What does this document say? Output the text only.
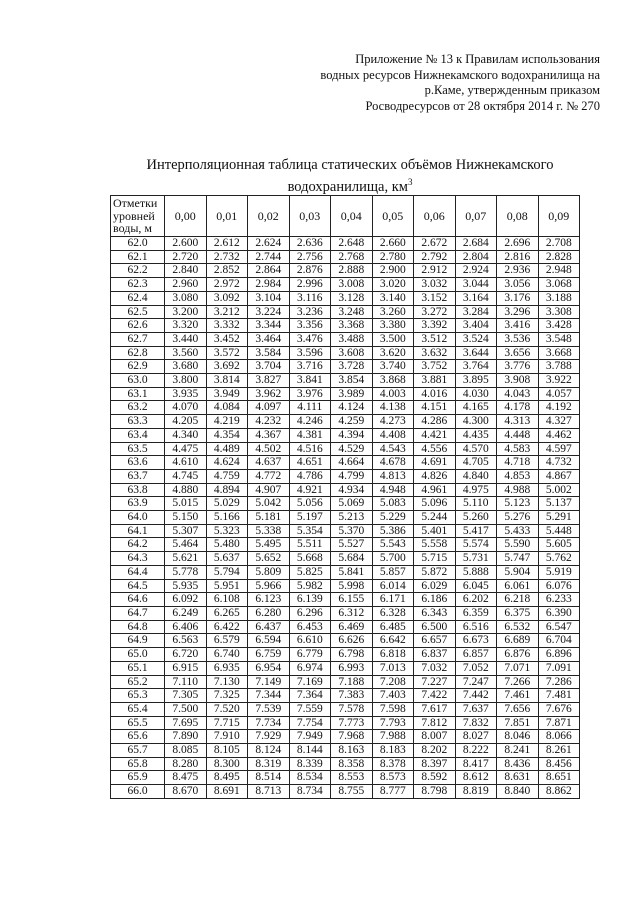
Приложение № 13 к Правилам использования
водных ресурсов Нижнекамского водохранилища на
р.Каме, утвержденным приказом
Росводресурсов от 28 октября 2014 г. № 270
Интерполяционная таблица статических объёмов Нижнекамского
водохранилища, $км^3$
Отметки уровней воды, м	0,00	0,01	0,02	0,03	0,04	0,05	0,06	0,07	0,08	0,09
62.0	2.600	2.612	2.624	2.636	2.648	2.660	2.672	2.684	2.696	2.708
62.1	2.720	2.732	2.744	2.756	2.768	2.780	2.792	2.804	2.816	2.828
62.2	2.840	2.852	2.864	2.876	2.888	2.900	2.912	2.924	2.936	2.948
62.3	2.960	2.972	2.984	2.996	3.008	3.020	3.032	3.044	3.056	3.068
62.4	3.080	3.092	3.104	3.116	3.128	3.140	3.152	3.164	3.176	3.188
62.5	3.200	3.212	3.224	3.236	3.248	3.260	3.272	3.284	3.296	3.308
62.6	3.320	3.332	3.344	3.356	3.368	3.380	3.392	3.404	3.416	3.428
62.7	3.440	3.452	3.464	3.476	3.488	3.500	3.512	3.524	3.536	3.548
62.8	3.560	3.572	3.584	3.596	3.608	3.620	3.632	3.644	3.656	3.668
62.9	3.680	3.692	3.704	3.716	3.728	3.740	3.752	3.764	3.776	3.788
63.0	3.800	3.814	3.827	3.841	3.854	3.868	3.881	3.895	3.908	3.922
63.1	3.935	3.949	3.962	3.976	3.989	4.003	4.016	4.030	4.043	4.057
63.2	4.070	4.084	4.097	4.111	4.124	4.138	4.151	4.165	4.178	4.192
63.3	4.205	4.219	4.232	4.246	4.259	4.273	4.286	4.300	4.313	4.327
63.4	4.340	4.354	4.367	4.381	4.394	4.408	4.421	4.435	4.448	4.462
63.5	4.475	4.489	4.502	4.516	4.529	4.543	4.556	4.570	4.583	4.597
63.6	4.610	4.624	4.637	4.651	4.664	4.678	4.691	4.705	4.718	4.732
63.7	4.745	4.759	4.772	4.786	4.799	4.813	4.826	4.840	4.853	4.867
63.8	4.880	4.894	4.907	4.921	4.934	4.948	4.961	4.975	4.988	5.002
63.9	5.015	5.029	5.042	5.056	5.069	5.083	5.096	5.110	5.123	5.137
64.0	5.150	5.166	5.181	5.197	5.213	5.229	5.244	5.260	5.276	5.291
64.1	5.307	5.323	5.338	5.354	5.370	5.386	5.401	5.417	5.433	5.448
64.2	5.464	5.480	5.495	5.511	5.527	5.543	5.558	5.574	5.590	5.605
64.3	5.621	5.637	5.652	5.668	5.684	5.700	5.715	5.731	5.747	5.762
64.4	5.778	5.794	5.809	5.825	5.841	5.857	5.872	5.888	5.904	5.919
64.5	5.935	5.951	5.966	5.982	5.998	6.014	6.029	6.045	6.061	6.076
64.6	6.092	6.108	6.123	6.139	6.155	6.171	6.186	6.202	6.218	6.233
64.7	6.249	6.265	6.280	6.296	6.312	6.328	6.343	6.359	6.375	6.390
64.8	6.406	6.422	6.437	6.453	6.469	6.485	6.500	6.516	6.532	6.547
64.9	6.563	6.579	6.594	6.610	6.626	6.642	6.657	6.673	6.689	6.704
65.0	6.720	6.740	6.759	6.779	6.798	6.818	6.837	6.857	6.876	6.896
65.1	6.915	6.935	6.954	6.974	6.993	7.013	7.032	7.052	7.071	7.091
65.2	7.110	7.130	7.149	7.169	7.188	7.208	7.227	7.247	7.266	7.286
65.3	7.305	7.325	7.344	7.364	7.383	7.403	7.422	7.442	7.461	7.481
65.4	7.500	7.520	7.539	7.559	7.578	7.598	7.617	7.637	7.656	7.676
65.5	7.695	7.715	7.734	7.754	7.773	7.793	7.812	7.832	7.851	7.871
65.6	7.890	7.910	7.929	7.949	7.968	7.988	8.007	8.027	8.046	8.066
65.7	8.085	8.105	8.124	8.144	8.163	8.183	8.202	8.222	8.241	8.261
65.8	8.280	8.300	8.319	8.339	8.358	8.378	8.397	8.417	8.436	8.456
65.9	8.475	8.495	8.514	8.534	8.553	8.573	8.592	8.612	8.631	8.651
66.0	8.670	8.691	8.713	8.734	8.755	8.777	8.798	8.819	8.840	8.862
